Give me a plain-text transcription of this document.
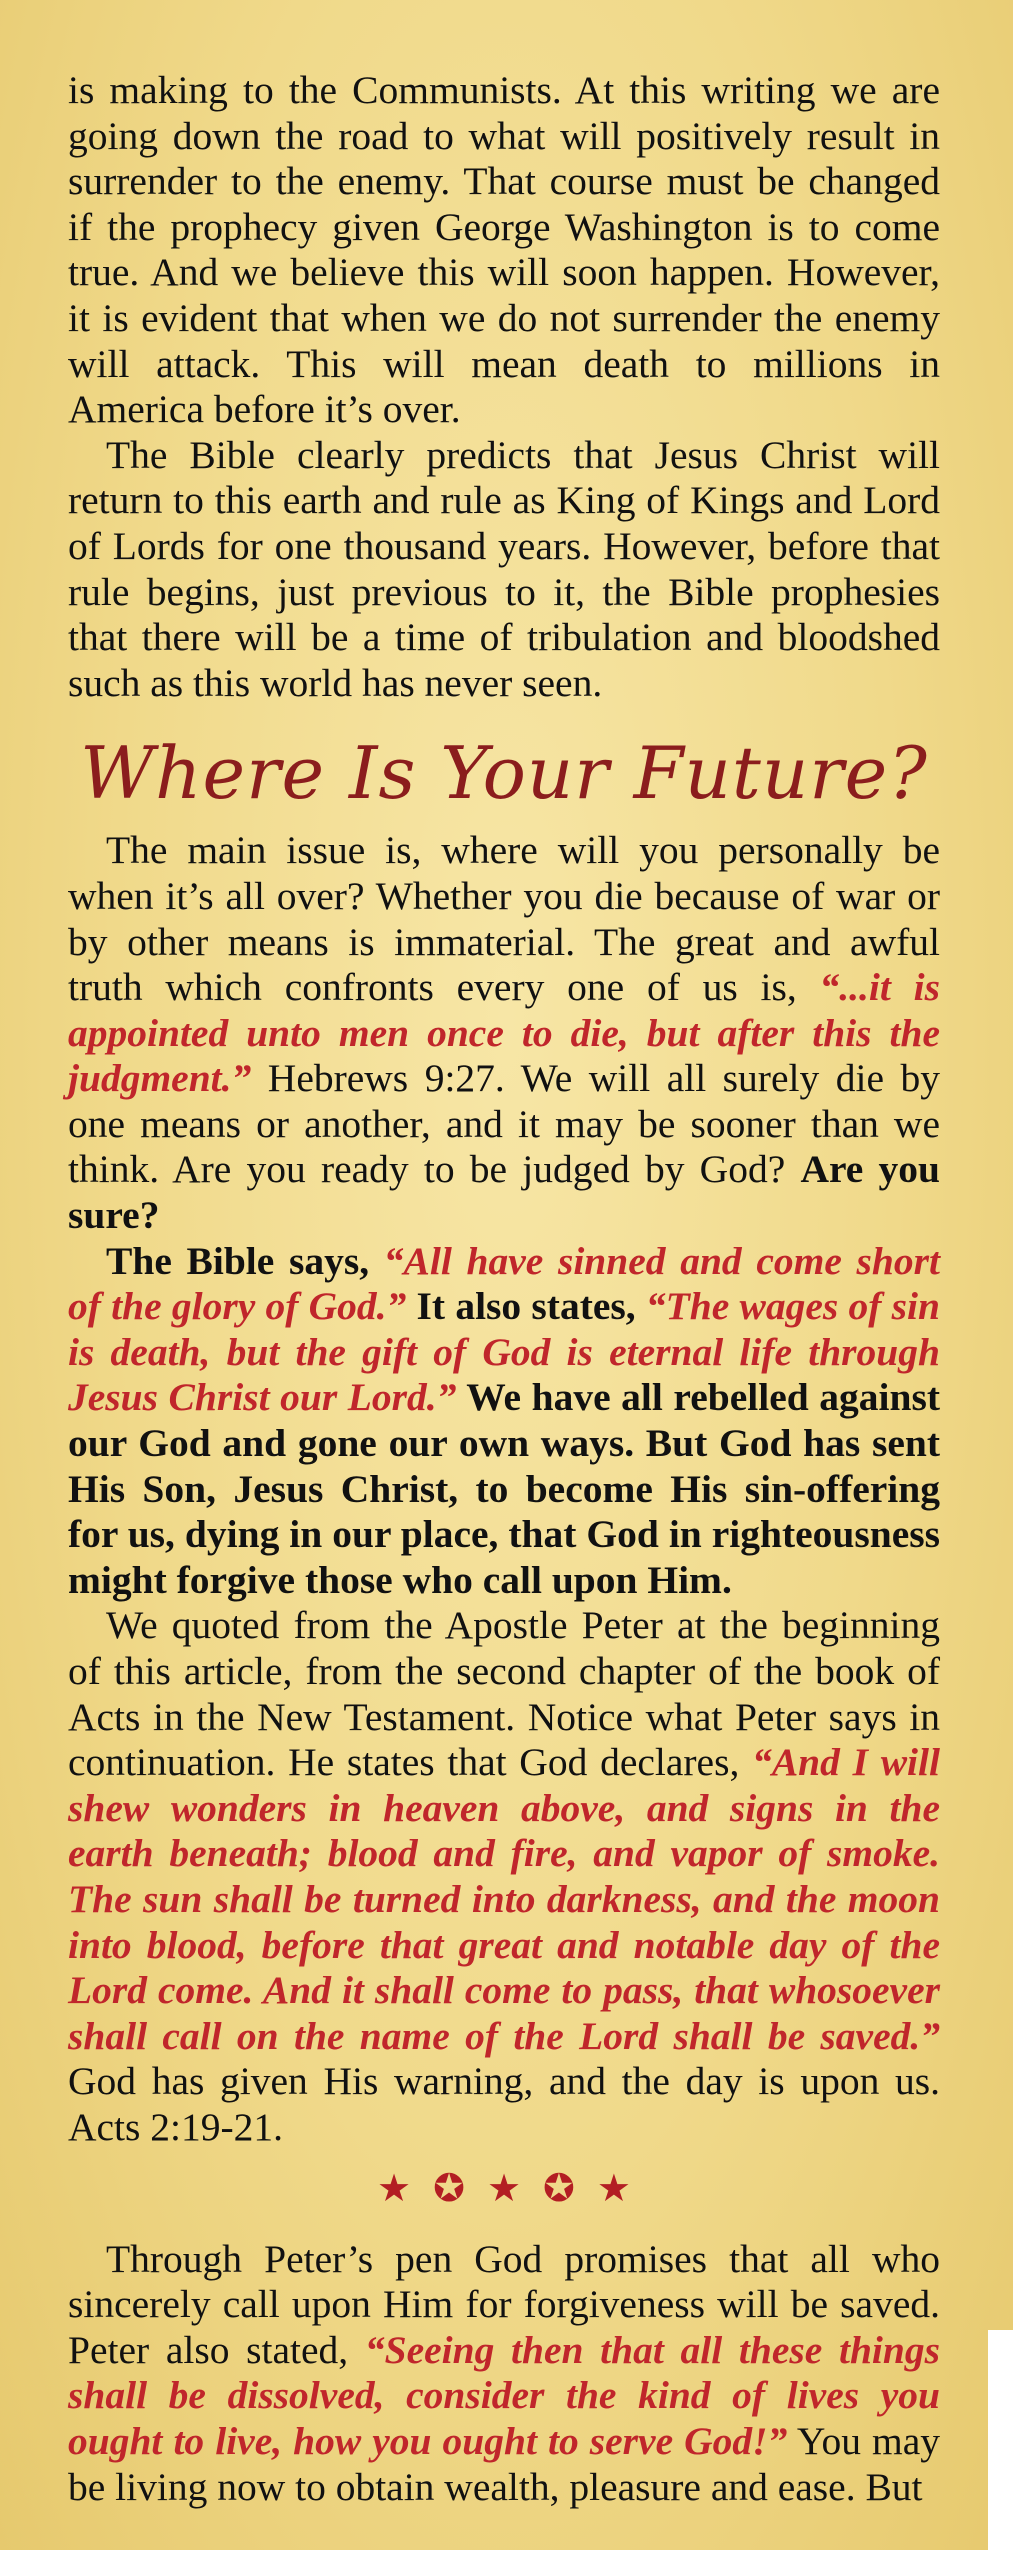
is making to the Communists. At this writing we are going down the road to what will positively result in surrender to the enemy. That course must be changed if the prophecy given George Washington is to come true. And we believe this will soon happen. However, it is evident that when we do not surrender the enemy will attack. This will mean death to millions in America before it’s over.

The Bible clearly predicts that Jesus Christ will return to this earth and rule as King of Kings and Lord of Lords for one thousand years. However, before that rule begins, just previous to it, the Bible prophesies that there will be a time of tribulation and bloodshed such as this world has never seen.

Where Is Your Future?

The main issue is, where will you personally be when it’s all over? Whether you die because of war or by other means is immaterial. The great and awful truth which confronts every one of us is, “...it is appointed unto men once to die, but after this the judgment.” Hebrews 9:27. We will all surely die by one means or another, and it may be sooner than we think. Are you ready to be judged by God? Are you sure?

The Bible says, “All have sinned and come short of the glory of God.” It also states, “The wages of sin is death, but the gift of God is eternal life through Jesus Christ our Lord.” We have all rebelled against our God and gone our own ways. But God has sent His Son, Jesus Christ, to become His sin-offering for us, dying in our place, that God in righteousness might forgive those who call upon Him.

We quoted from the Apostle Peter at the beginning of this article, from the second chapter of the book of Acts in the New Testament. Notice what Peter says in continuation. He states that God declares, “And I will shew wonders in heaven above, and signs in the earth beneath; blood and fire, and vapor of smoke. The sun shall be turned into darkness, and the moon into blood, before that great and notable day of the Lord come. And it shall come to pass, that whosoever shall call on the name of the Lord shall be saved.” God has given His warning, and the day is upon us. Acts 2:19-21.

★ ✪ ★ ✪ ★

Through Peter’s pen God promises that all who sincerely call upon Him for forgiveness will be saved. Peter also stated, “Seeing then that all these things shall be dissolved, consider the kind of lives you ought to live, how you ought to serve God!” You may be living now to obtain wealth, pleasure and ease. But
